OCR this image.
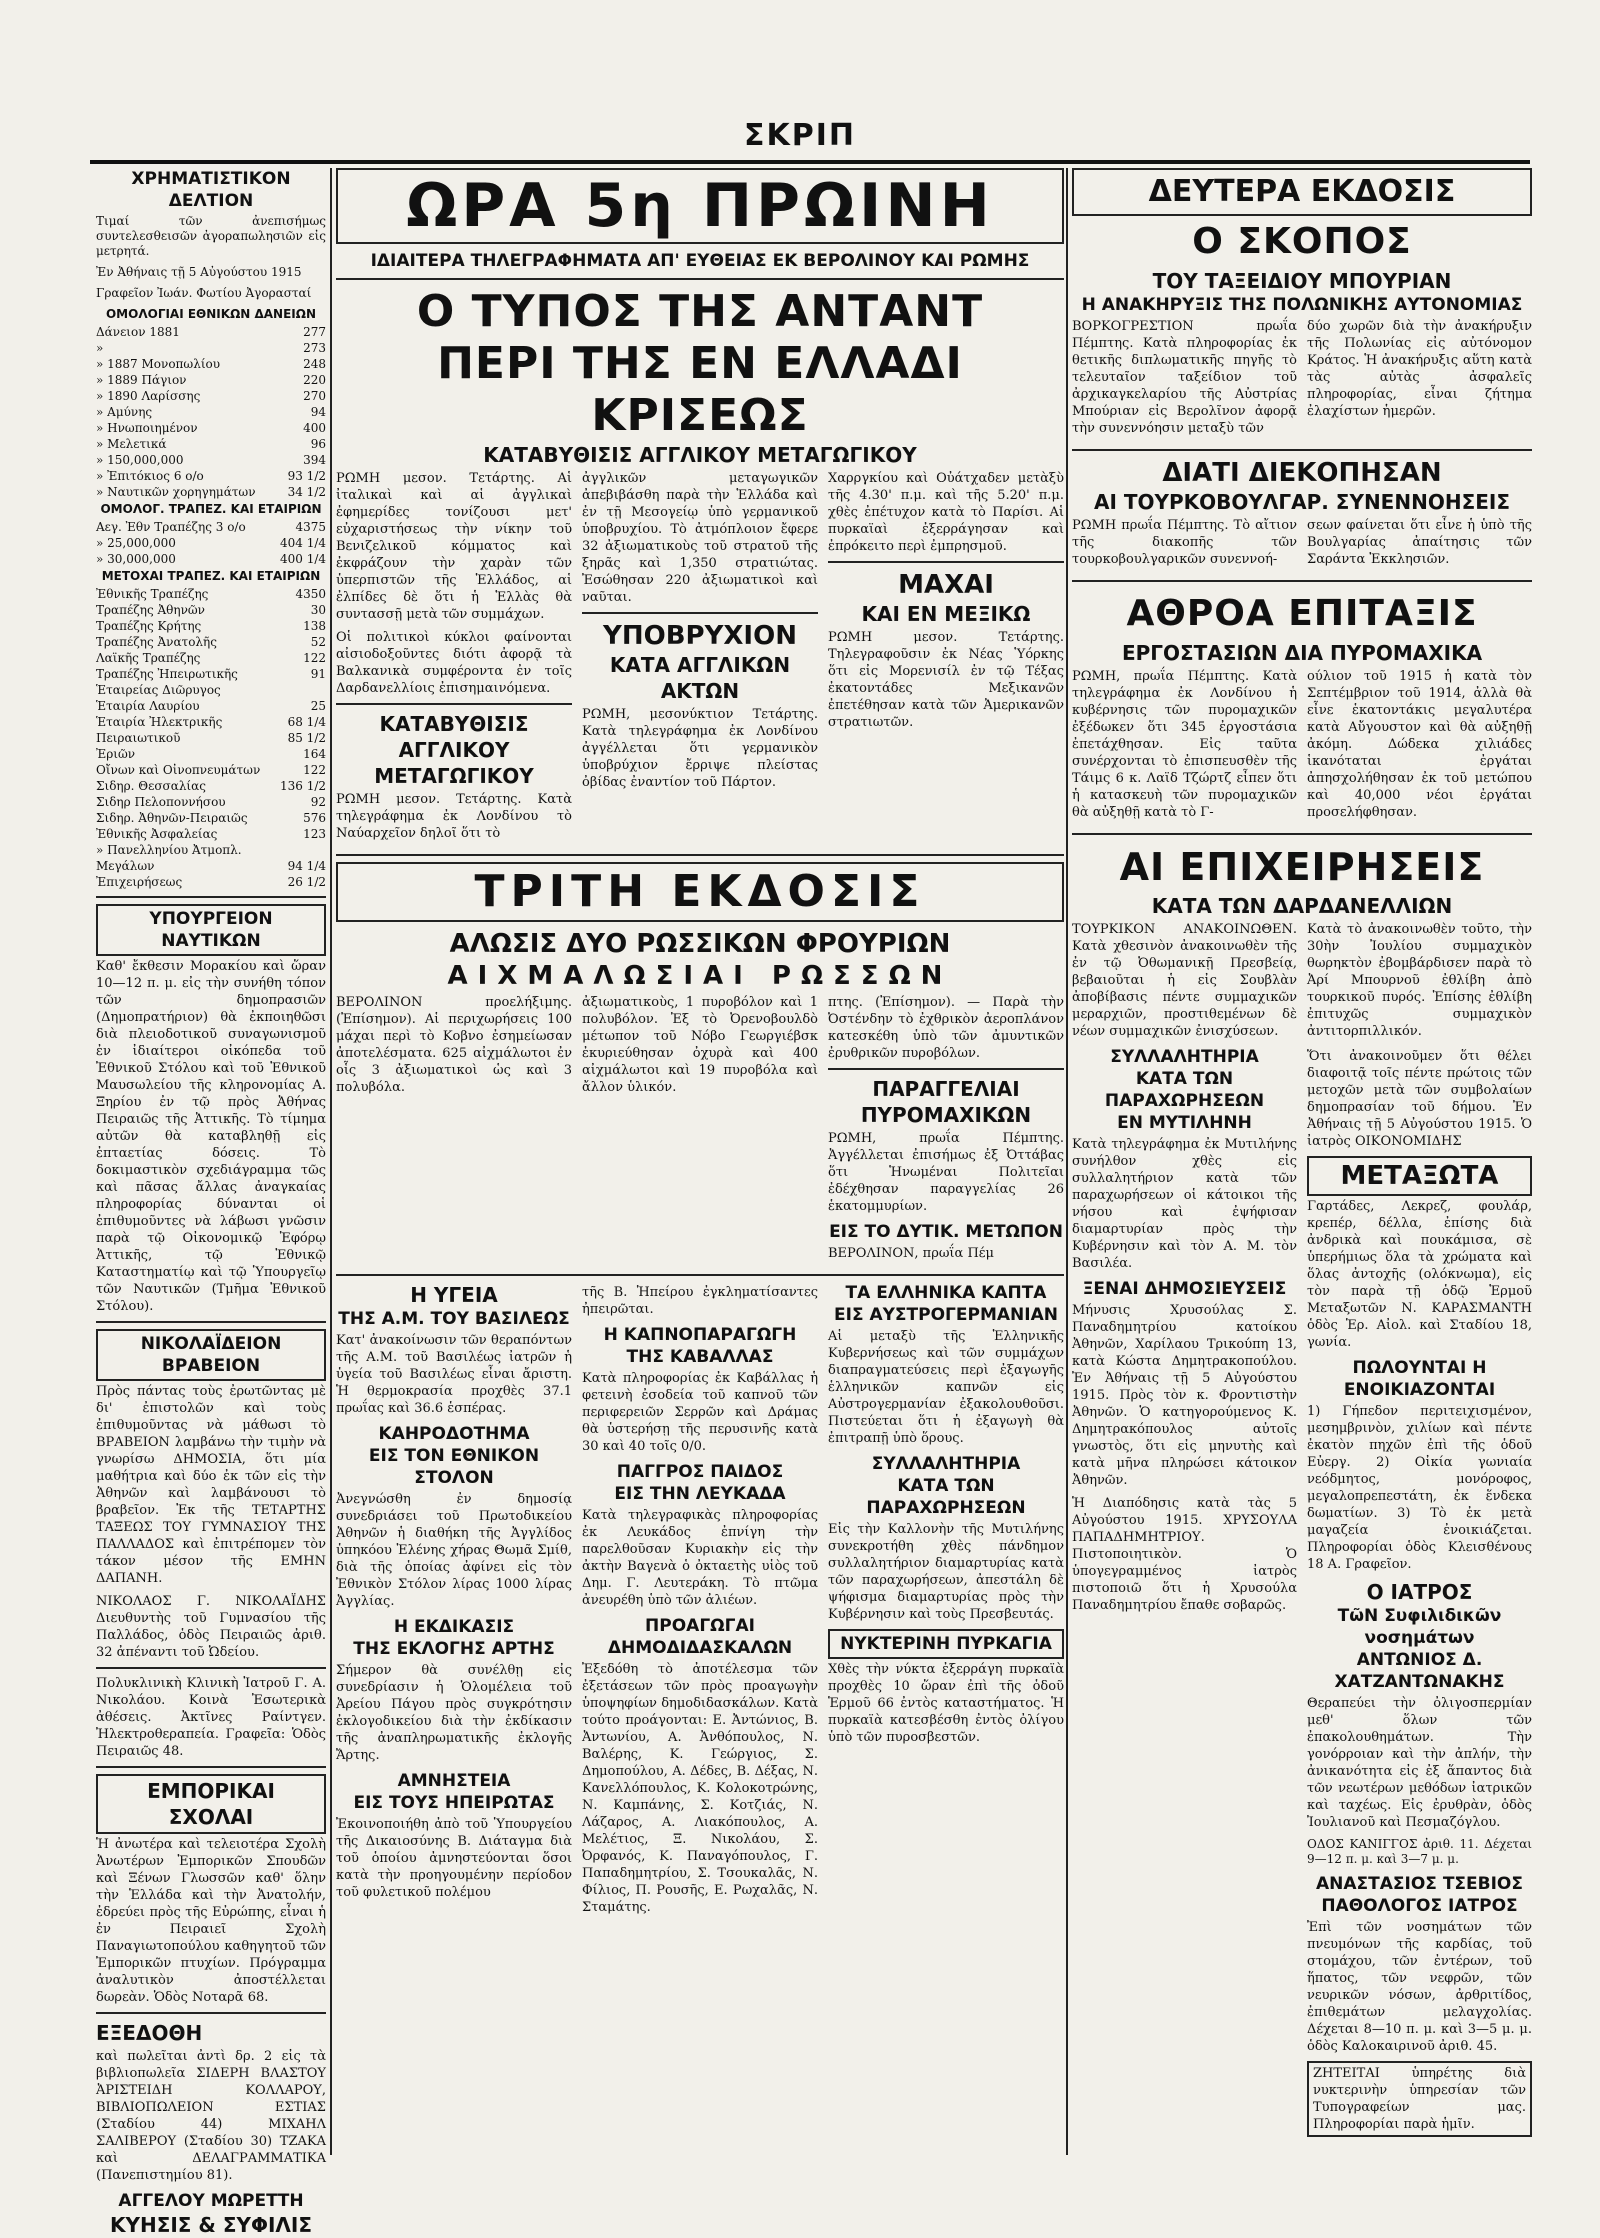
ΣΚΡΙΠ
ΧΡΗΜΑΤΙΣΤΙΚΟΝ ΔΕΛΤΙΟΝ

Τιμαί τῶν ἀνεπισήμως συντελεσθεισῶν ἀγοραπωλησιῶν εἰς μετρητά.

Ἐν Ἀθήναις τῇ 5 Αὐγούστου 1915

Γραφεῖον Ἰωάν. Φωτίου Ἀγορασταί

ΟΜΟΛΟΓΙΑΙ ΕΘΝΙΚΩΝ ΔΑΝΕΙΩΝ
Δάνειον 1881	277
»	273
» 1887 Μονοπωλίου	248
» 1889 Πάγιον	220
» 1890 Λαρίσσης	270
» Αμύνης	94
» Ηνωποιημένον	400
» Μελετικά	96
» 150,000,000	394
» Ἐπιτόκιος 6 ο/ο	93 1/2
» Ναυτικῶν χορηγημάτων	34 1/2
ΟΜΟΛΟΓ. ΤΡΑΠΕΖ. ΚΑΙ ΕΤΑΙΡΙΩΝ
Αεγ. Ἐθν Τραπέζης 3 ο/ο	4375
» 25,000,000	404 1/4
» 30,000,000	400 1/4
ΜΕΤΟΧΑΙ ΤΡΑΠΕΖ. ΚΑΙ ΕΤΑΙΡΙΩΝ
Ἐθνικῆς Τραπέζης	4350
Τραπέζης Ἀθηνῶν	30
Τραπέζης Κρήτης	138
Τραπέζης Ἀνατολῆς	52
Λαϊκῆς Τραπέζης	122
Τραπέζης Ἠπειρωτικῆς	91
Ἑταιρείας Διῶρυγος
Ἑταιρία Λαυρίου	25
Ἑταιρία Ἠλεκτρικῆς	68 1/4
Πειραιωτικοῦ	85 1/2
Ἐριῶν	164
Οἴνων καὶ Οἰνοπνευμάτων	122
Σιδηρ. Θεσσαλίας	136 1/2
Σιδηρ Πελοποννήσου	92
Σιδηρ. Ἀθηνῶν-Πειραιῶς	576
Ἐθνικῆς Ἀσφαλείας	123
» Πανελληνίου Ἀτμοπλ.
Μεγάλων	94 1/4
Ἐπιχειρήσεως	26 1/2
ΥΠΟΥΡΓΕΙΟΝ ΝΑΥΤΙΚΩΝ

Καθ' ἔκθεσιν Μορακίου καὶ ὥραν 10—12 π. μ. εἰς τὴν συνήθη τόπον τῶν δημοπρασιῶν (Δημοπρατήριον) θὰ ἐκποιηθῶσι διὰ πλειοδοτικοῦ συναγωνισμοῦ ἐν ἰδιαίτεροι οἰκόπεδα τοῦ Ἐθνικοῦ Στόλου καὶ τοῦ Ἐθνικοῦ Μαυσωλείου τῆς κληρονομίας Α. Ξηρίου ἐν τῷ πρὸς Ἀθήνας Πειραιῶς τῆς Ἀττικῆς. Τὸ τίμημα αὐτῶν θὰ καταβληθῇ εἰς ἐπταετίας δόσεις. Τὸ δοκιμαστικὸν σχεδιάγραμμα τῶς καὶ πᾶσας ἄλλας ἀναγκαίας πληροφορίας δύνανται οἱ ἐπιθυμοῦντες νὰ λάβωσι γνῶσιν παρὰ τῷ Οἰκονομικῷ Ἐφόρῳ Ἀττικῆς, τῷ Ἐθνικῷ Καταστηματίῳ καὶ τῷ Ὑπουργεῖῳ τῶν Ναυτικῶν (Τμῆμα Ἐθνικοῦ Στόλου).

ΝΙΚΟΛΑΪΔΕΙΟΝ ΒΡΑΒΕΙΟΝ

Πρὸς πάντας τοὺς ἐρωτῶντας μὲ δι' ἐπιστολῶν καὶ τοὺς ἐπιθυμοῦντας νὰ μάθωσι τὸ ΒΡΑΒΕΙΟΝ λαμβάνω τὴν τιμὴν νὰ γνωρίσω ΔΗΜΟΣΙΑ, ὅτι μία μαθήτρια καὶ δύο ἐκ τῶν εἰς τὴν Ἀθηνῶν καὶ λαμβάνουσι τὸ βραβεῖον. Ἐκ τῆς ΤΕΤΑΡΤΗΣ ΤΑΞΕΩΣ ΤΟΥ ΓΥΜΝΑΣΙΟΥ ΤΗΣ ΠΑΛΛΑΔΟΣ καὶ ἐπιτρέπομεν τὸν τάκον μέσον τῆς ΕΜΗΝ ΔΑΠΑΝΗ.

ΝΙΚΟΛΑΟΣ Γ. ΝΙΚΟΛΑΪΔΗΣ Διευθυντὴς τοῦ Γυμνασίου τῆς Παλλάδος, ὁδὸς Πειραιῶς ἀριθ. 32 ἀπέναντι τοῦ Ὠδείου.

Πολυκλινικὴ Κλινικὴ Ἰατροῦ Γ. Α. Νικολάου. Κοινὰ Ἐσωτερικὰ ἀθέσεις. Ἀκτῖνες Ραίντγεν. Ἠλεκτροθεραπεία. Γραφεῖα: Ὁδὸς Πειραιῶς 48.

ΕΜΠΟΡΙΚΑΙ ΣΧΟΛΑΙ

Ἡ ἀνωτέρα καὶ τελειοτέρα Σχολὴ Ἀνωτέρων Ἐμπορικῶν Σπουδῶν καὶ Ξένων Γλωσσῶν καθ' ὅλην τὴν Ἑλλάδα καὶ τὴν Ἀνατολήν, ἐδρεύει πρὸς τῆς Εὐρώπης, εἶναι ἡ ἐν Πειραιεῖ Σχολὴ Παναγιωτοπούλου καθηγητοῦ τῶν Ἐμπορικῶν πτυχίων. Πρόγραμμα ἀναλυτικὸν ἀποστέλλεται δωρεὰν. Ὁδὸς Νοταρᾶ 68.

ΕΞΕΔΟΘΗ

καὶ πωλεῖται ἀντὶ δρ. 2 εἰς τὰ βιβλιοπωλεῖα ΣΙΔΕΡΗ ΒΛΑΣΤΟΥ ἈΡΙΣΤΕΙΔΗ ΚΟΛΛΑΡΟΥ, ΒΙΒΛΙΟΠΩΛΕΙΟΝ ΕΣΤΙΑΣ (Σταδίου 44) ΜΙΧΑΗΛ ΣΑΛΙΒΕΡΟΥ (Σταδίου 30) ΤΖΑΚΑ καὶ ΔΕΛΑΓΡΑΜΜΑΤΙΚΑ (Πανεπιστημίου 81).

ΑΓΓΕΛΟΥ ΜΩΡΕΤΤΗ
ΚΥΗΣΙΣ & ΣΥΦΙΛΙΣ
ΩΡΑ 5η ΠΡΩΙΝΗ
ΙΔΙΑΙΤΕΡΑ ΤΗΛΕΓΡΑΦΗΜΑΤΑ ΑΠ' ΕΥΘΕΙΑΣ ΕΚ ΒΕΡΟΛΙΝΟΥ ΚΑΙ ΡΩΜΗΣ
Ο ΤΥΠΟΣ ΤΗΣ ΑΝΤΑΝΤ
ΠΕΡΙ ΤΗΣ ΕΝ ΕΛΛΑΔΙ ΚΡΙΣΕΩΣ
ΚΑΤΑΒΥΘΙΣΙΣ ΑΓΓΛΙΚΟΥ ΜΕΤΑΓΩΓΙΚΟΥ

ΡΩΜΗ μεσον. Τετάρτης. Αἱ ἰταλικαὶ καὶ αἱ ἀγγλικαὶ ἐφημερίδες τονίζουσι μετ' εὐχαριστήσεως τὴν νίκην τοῦ Βενιζελικοῦ κόμματος καὶ ἐκφράζουν τὴν χαρὰν τῶν ὑπερπιστῶν τῆς Ἑλλάδος, αἱ ἐλπίδες δὲ ὅτι ἡ Ἑλλὰς θὰ συντασσῇ μετὰ τῶν συμμάχων.

Οἱ πολιτικοὶ κύκλοι φαίνονται αἰσιοδοξοῦντες διότι ἀφορᾷ τὰ Βαλκανικὰ συμφέροντα ἐν τοῖς Δαρδανελλίοις ἐπισημαινόμενα.

ΚΑΤΑΒΥΘΙΣΙΣ ΑΓΓΛΙΚΟΥ ΜΕΤΑΓΩΓΙΚΟΥ

ΡΩΜΗ μεσον. Τετάρτης. Κατὰ τηλεγράφημα ἐκ Λονδίνου τὸ Ναύαρχεῖον δηλοῖ ὅτι τὸ

ἀγγλικῶν μεταγωγικῶν ἀπεβιβάσθη παρὰ τὴν Ἑλλάδα καὶ ἐν τῇ Μεσογείῳ ὑπὸ γερμανικοῦ ὑποβρυχίου. Τὸ ἀτμόπλοιον ἔφερε 32 ἀξιωματικοὺς τοῦ στρατοῦ τῆς ξηρᾶς καὶ 1,350 στρατιώτας. Ἐσώθησαν 220 ἀξιωματικοὶ καὶ ναῦται.

ΥΠΟΒΡΥΧΙΟΝ
ΚΑΤΑ ΑΓΓΛΙΚΩΝ ΑΚΤΩΝ

ΡΩΜΗ, μεσονύκτιον Τετάρτης. Κατὰ τηλεγράφημα ἐκ Λονδίνου ἀγγέλλεται ὅτι γερμανικὸν ὑποβρύχιον ἔρριψε πλείστας ὀβίδας ἐναντίον τοῦ Πάρτον.

Χαρργκίου καὶ Οὐάτχαδεν μετὰξὺ τῆς 4.30' π.μ. καὶ τῆς 5.20' π.μ. χθὲς ἐπέτυχον κατὰ τὸ Παρίσι. Αἱ πυρκαϊαὶ ἐξερράγησαν καὶ ἐπρόκειτο περὶ ἐμπρησμοῦ.

ΜΑΧΑΙ
ΚΑΙ ΕΝ ΜΕΞΙΚΩ

ΡΩΜΗ μεσον. Τετάρτης. Τηλεγραφοῦσιν ἐκ Νέας Ὑόρκης ὅτι εἰς Μορενισίλ ἐν τῷ Τέξας ἐκατοντάδες Μεξικανῶν ἐπετέθησαν κατὰ τῶν Ἀμερικανῶν στρατιωτῶν.

ΤΡΙΤΗ ΕΚΔΟΣΙΣ
ΑΛΩΣΙΣ ΔΥΟ ΡΩΣΣΙΚΩΝ ΦΡΟΥΡΙΩΝ
ΑΙΧΜΑΛΩΣΙΑΙ ΡΩΣΣΩΝ

ΒΕΡΟΛΙΝΟΝ προελήξιμης. (Ἐπίσημον). Αἱ περιχωρήσεις 100 μάχαι περὶ τὸ Κοβνο ἐσημείωσαν ἀποτελέσματα. 625 αἰχμάλωτοι ἐν οἷς 3 ἀξιωματικοὶ ὡς καὶ 3 πολυβόλα.

ἀξιωματικοὺς, 1 πυροβόλον καὶ 1 πολυβόλον. Ἐξ τὸ Ὀρενοβουλδὸ μέτωπον τοῦ Νόβο Γεωργιέβσκ ἐκυριεύθησαν ὀχυρὰ καὶ 400 αἰχμάλωτοι καὶ 19 πυροβόλα καὶ ἄλλον ὑλικόν.

πτης. (Ἐπίσημον). — Παρὰ τὴν Ὀστένδην τὸ ἐχθρικὸν ἀεροπλάνον κατεσκέθη ὑπὸ τῶν ἀμυντικῶν ἐρυθρικῶν πυροβόλων.

ΠΑΡΑΓΓΕΛΙΑΙ
ΠΥΡΟΜΑΧΙΚΩΝ

ΡΩΜΗ, πρωΐα Πέμπτης. Ἀγγέλλεται ἐπισήμως ἐξ Ὀττάβας ὅτι Ἡνωμέναι Πολιτεῖαι ἐδέχθησαν παραγγελίας 26 ἑκατομμυρίων.

ΕΙΣ ΤΟ ΔΥΤΙΚ. ΜΕΤΩΠΟΝ

ΒΕΡΟΛΙΝΟΝ, πρωΐα Πέμ

Η ΥΓΕΙΑ
ΤΗΣ Α.Μ. ΤΟΥ ΒΑΣΙΛΕΩΣ

Κατ' ἀνακοίνωσιν τῶν θεραπόντων τῆς Α.Μ. τοῦ Βασιλέως ἰατρῶν ἡ ὑγεία τοῦ Βασιλέως εἶναι ἄριστη. Ἡ θερμοκρασία προχθὲς 37.1 πρωΐας καὶ 36.6 ἑσπέρας.

ΚΑΗΡΟΔΟΤΗΜΑ
ΕΙΣ ΤΟΝ ΕΘΝΙΚΟΝ ΣΤΟΛΟΝ

Ἀνεγνώσθη ἐν δημοσίᾳ συνεδριάσει τοῦ Πρωτοδικείου Ἀθηνῶν ἡ διαθήκη τῆς Ἀγγλίδος ὑπηκόου Ἐλένης χήρας Θωμᾶ Σμίθ, διὰ τῆς ὁποίας ἀφίνει εἰς τὸν Ἐθνικὸν Στόλον λίρας 1000 λίρας Ἀγγλίας.

Η ΕΚΔΙΚΑΣΙΣ
ΤΗΣ ΕΚΛΟΓΗΣ ΑΡΤΗΣ

Σήμερον θὰ συνέλθῃ εἰς συνεδρίασιν ἡ Ὁλομέλεια τοῦ Ἀρείου Πάγου πρὸς συγκρότησιν ἐκλογοδικείου διὰ τὴν ἐκδίκασιν τῆς ἀναπληρωματικῆς ἐκλογῆς Ἄρτης.

ΑΜΝΗΣΤΕΙΑ
ΕΙΣ ΤΟΥΣ ΗΠΕΙΡΩΤΑΣ

Ἐκοινοποιήθη ἀπὸ τοῦ Ὑπουργείου τῆς Δικαιοσύνης Β. Διάταγμα διὰ τοῦ ὁποίου ἀμνηστεύονται ὅσοι κατὰ τὴν προηγουμένην περίοδον τοῦ φυλετικοῦ πολέμου

τῆς Β. Ἠπείρου ἐγκληματίσαντες ἠπειρῶται.

Η ΚΑΠΝΟΠΑΡΑΓΩΓΗ
ΤΗΣ ΚΑΒΑΛΛΑΣ

Κατὰ πληροφορίας ἐκ Καβάλλας ἡ φετεινὴ ἐσοδεία τοῦ καπνοῦ τῶν περιφερειῶν Σερρῶν καὶ Δράμας θὰ ὑστερήσῃ τῆς περυσινῆς κατὰ 30 καὶ 40 τοῖς 0/0.

ΠΑΓΓΡΟΣ ΠΑΙΔΟΣ
ΕΙΣ ΤΗΝ ΛΕΥΚΑΔΑ

Κατὰ τηλεγραφικὰς πληροφορίας ἐκ Λευκάδος ἐπνίγη τὴν παρελθοῦσαν Κυριακὴν εἰς τὴν ἀκτὴν Βαγενὰ ὁ ὀκταετὴς υἱὸς τοῦ Δημ. Γ. Λευτεράκη. Τὸ πτῶμα ἀνευρέθη ὑπὸ τῶν ἀλιέων.

ΠΡΟΑΓΩΓΑΙ
ΔΗΜΟΔΙΔΑΣΚΑΛΩΝ

Ἐξεδόθη τὸ ἀποτέλεσμα τῶν ἐξετάσεων τῶν πρὸς προαγωγὴν ὑποψηφίων δημοδιδασκάλων. Κατὰ τούτο προάγονται: Ε. Ἀντώνιος, Β. Ἀντωνίου, Α. Ἀνθόπουλος, Ν. Βαλέρης, Κ. Γεώργιος, Σ. Δημοπούλου, Α. Δέδες, Β. Δέξας, Ν. Κανελλόπουλος, Κ. Κολοκοτρώνης, Ν. Καμπάνης, Σ. Κοτζιάς, Ν. Λάζαρος, Α. Λιακόπουλος, Α. Μελέτιος, Ξ. Νικολάου, Σ. Ὀρφανός, Κ. Παναγόπουλος, Γ. Παπαδημητρίου, Σ. Τσουκαλᾶς, Ν. Φίλιος, Π. Ρουσῆς, Ε. Ρωχαλᾶς, Ν. Σταμάτης.

ΤΑ ΕΛΛΗΝΙΚΑ ΚΑΠΤΑ
ΕΙΣ ΑΥΣΤΡΟΓΕΡΜΑΝΙΑΝ

Αἱ μεταξὺ τῆς Ἑλληνικῆς Κυβερνήσεως καὶ τῶν συμμάχων διαπραγματεύσεις περὶ ἐξαγωγῆς ἑλληνικῶν καπνῶν εἰς Αὐστρογερμανίαν ἐξακολουθοῦσι. Πιστεύεται ὅτι ἡ ἐξαγωγὴ θὰ ἐπιτραπῇ ὑπὸ ὅρους.

ΣΥΛΛΑΛΗΤΗΡΙΑ
ΚΑΤΑ ΤΩΝ ΠΑΡΑΧΩΡΗΣΕΩΝ

Εἰς τὴν Καλλονὴν τῆς Μυτιλήνης συνεκροτήθη χθὲς πάνδημον συλλαλητήριον διαμαρτυρίας κατὰ τῶν παραχωρήσεων, ἀπεστάλη δὲ ψήφισμα διαμαρτυρίας πρὸς τὴν Κυβέρνησιν καὶ τοὺς Πρεσβευτάς.

ΝΥΚΤΕΡΙΝΗ ΠΥΡΚΑΓΙΑ

Χθὲς τὴν νύκτα ἐξερράγη πυρκαϊὰ προχθὲς 10 ὥραν ἐπὶ τῆς ὁδοῦ Ἑρμοῦ 66 ἐντὸς καταστήματος. Ἡ πυρκαϊὰ κατεσβέσθη ἐντὸς ὀλίγου ὑπὸ τῶν πυροσβεστῶν.

ΔΕΥΤΕΡΑ ΕΚΔΟΣΙΣ
Ο ΣΚΟΠΟΣ
ΤΟΥ ΤΑΞΕΙΔΙΟΥ ΜΠΟΥΡΙΑΝ
Η ΑΝΑΚΗΡΥΞΙΣ ΤΗΣ ΠΟΛΩΝΙΚΗΣ ΑΥΤΟΝΟΜΙΑΣ

ΒΟΡΚΟΓΡΕΣΤΙΟΝ πρωΐα Πέμπτης. Κατὰ πληροφορίας ἐκ θετικῆς διπλωματικῆς πηγῆς τὸ τελευταῖον ταξείδιον τοῦ ἀρχικαγκελαρίου τῆς Αὐστρίας Μπούριαν εἰς Βερολῖνον ἀφορᾷ τὴν συνεννόησιν μεταξὺ τῶν

δύο χωρῶν διὰ τὴν ἀνακήρυξιν τῆς Πολωνίας εἰς αὐτόνομον Κράτος. Ἡ ἀνακήρυξις αὕτη κατὰ τὰς αὐτὰς ἀσφαλεῖς πληροφορίας, εἶναι ζήτημα ἐλαχίστων ἡμερῶν.

ΔΙΑΤΙ ΔΙΕΚΟΠΗΣΑΝ
ΑΙ ΤΟΥΡΚΟΒΟΥΛΓΑΡ. ΣΥΝΕΝΝΟΗΣΕΙΣ

ΡΩΜΗ πρωΐα Πέμπτης. Τὸ αἴτιον τῆς διακοπῆς τῶν τουρκοβουλγαρικῶν συνεννοή-

σεων φαίνεται ὅτι εἶνε ἡ ὑπὸ τῆς Βουλγαρίας ἀπαίτησις τῶν Σαράντα Ἐκκλησιῶν.

ΑΘΡΟΑ ΕΠΙΤΑΞΙΣ
ΕΡΓΟΣΤΑΣΙΩΝ ΔΙΑ ΠΥΡΟΜΑΧΙΚΑ

ΡΩΜΗ, πρωΐα Πέμπτης. Κατὰ τηλεγράφημα ἐκ Λονδίνου ἡ κυβέρνησις τῶν πυρομαχικῶν ἐξέδωκεν ὅτι 345 ἐργοστάσια ἐπετάχθησαν. Εἰς ταῦτα συνέρχονται τὸ ἐπισπευσθὲν τῆς Τάιμς 6 κ. Λαϊδ Τζώρτζ εἶπεν ὅτι ἡ κατασκευὴ τῶν πυρομαχικῶν θὰ αὐξηθῇ κατὰ τὸ Γ-

ούλιον τοῦ 1915 ἡ κατὰ τὸν Σεπτέμβριον τοῦ 1914, ἀλλὰ θὰ εἶνε ἑκατοντάκις μεγαλυτέρα κατὰ Αὔγουστον καὶ θὰ αὐξηθῇ ἀκόμη. Δώδεκα χιλιάδες ἱκανόταται ἐργάται ἀπησχολήθησαν ἐκ τοῦ μετώπου καὶ 40,000 νέοι ἐργάται προσελήφθησαν.

ΑΙ ΕΠΙΧΕΙΡΗΣΕΙΣ
ΚΑΤΑ ΤΩΝ ΔΑΡΔΑΝΕΛΛΙΩΝ

ΤΟΥΡΚΙΚΟΝ ΑΝΑΚΟΙΝΩΘΕΝ. Κατὰ χθεσινὸν ἀνακοινωθὲν τῆς ἐν τῷ Ὀθωμανικῇ Πρεσβείᾳ, βεβαιοῦται ἡ εἰς Σουβλὰν ἀποβίβασις πέντε συμμαχικῶν μεραρχιῶν, προστιθεμένων δὲ νέων συμμαχικῶν ἐνισχύσεων.

Κατὰ τὸ ἀνακοινωθὲν τοῦτο, τὴν 30ὴν Ἰουλίου συμμαχικὸν θωρηκτὸν ἐβομβάρδισεν παρὰ τὸ Ἀρί Μπουρνοῦ ἐθλίβη ἀπὸ τουρκικοῦ πυρός. Ἐπίσης ἐθλίβη ἐπιτυχῶς συμμαχικὸν ἀντιτορπιλλικόν.

ΣΥΛΛΑΛΗΤΗΡΙΑ
ΚΑΤΑ ΤΩΝ ΠΑΡΑΧΩΡΗΣΕΩΝ
ΕΝ ΜΥΤΙΛΗΝΗ

Κατὰ τηλεγράφημα ἐκ Μυτιλήνης συνήλθον χθὲς εἰς συλλαλητήριον κατὰ τῶν παραχωρήσεων οἱ κάτοικοι τῆς νήσου καὶ ἐψήφισαν διαμαρτυρίαν πρὸς τὴν Κυβέρνησιν καὶ τὸν Α. Μ. τὸν Βασιλέα.

ΞΕΝΑΙ ΔΗΜΟΣΙΕΥΣΕΙΣ

Μήνυσις Χρυσούλας Σ. Παναδημητρίου κατοίκου Ἀθηνῶν, Χαρίλαου Τρικούπη 13, κατὰ Κώστα Δημητρακοπούλου. Ἐν Ἀθήναις τῇ 5 Αὐγούστου 1915. Πρὸς τὸν κ. Φροντιστὴν Ἀθηνῶν. Ὁ κατηγορούμενος Κ. Δημητρακόπουλος αὐτοῖς γνωστὸς, ὅτι εἰς μηνυτὴς καὶ κατὰ μῆνα πληρώσει κάτοικον Ἀθηνῶν.

Ἡ Διαπόδησις κατὰ τὰς 5 Αὐγούστου 1915. ΧΡΥΣΟΥΛΑ ΠΑΠΑΔΗΜΗΤΡΙΟΥ. Πιστοποιητικὸν. Ὁ ὑπογεγραμμένος ἰατρὸς πιστοποιῶ ὅτι ἡ Χρυσούλα Παναδημητρίου ἔπαθε σοβαρῶς.

Ὅτι ἀνακοινοῦμεν ὅτι θέλει διαφοιτᾷ τοῖς πέντε πρώτοις τῶν μετοχῶν μετὰ τῶν συμβολαίων δημοπρασίαν τοῦ δήμου. Ἐν Ἀθήναις τῇ 5 Αὐγούστου 1915. Ὁ ἰατρὸς ΟΙΚΟΝΟΜΙΔΗΣ

ΜΕΤΑΞΩΤΑ

Γαρτάδες, Λεκρεζ, φουλάρ, κρεπέρ, δέλλα, ἐπίσης διὰ ἀνδρικὰ καὶ πουκάμισα, σὲ ὑπερήμιως ὅλα τὰ χρώματα καὶ ὅλας ἀντοχῆς (ολόκνωμα), εἰς τὸν παρὰ τῇ ὁδῷ Ἑρμοῦ Μεταξωτῶν Ν. ΚΑΡΑΣΜΑΝΤΗ ὁδὸς Ἑρ. Αἰολ. καὶ Σταδίου 18, γωνία.

ΠΩΛΟΥΝΤΑΙ Η ΕΝΟΙΚΙΑΖΟΝΤΑΙ

1) Γήπεδον περιτειχισμένον, μεσημβρινὸν, χιλίων καὶ πέντε ἐκατὸν πηχῶν ἐπὶ τῆς ὁδοῦ Εὐεργ. 2) Οἰκία γωνιαία νεόδμητος, μονόροφος, μεγαλοπρεπεστάτη, ἐκ ἕνδεκα δωματίων. 3) Τὸ ἐκ μετὰ μαγαζεία ἐνοικιάζεται. Πληροφορίαι ὁδὸς Κλεισθένους 18 Α. Γραφεῖον.

Ο ΙΑΤΡΟΣ
ΤῶΝ Συφιλιδικῶν νοσημάτων
ΑΝΤΩΝΙΟΣ Δ. ΧΑΤΖΑΝΤΩΝΑΚΗΣ

Θεραπεύει τὴν ὀλιγοσπερμίαν μεθ' ὅλων τῶν ἐπακολουθημάτων. Τὴν γονόρροιαν καὶ τὴν ἀπλήν, τὴν ἀνικανότητα εἰς ἐξ ἅπαντος διὰ τῶν νεωτέρων μεθόδων ἰατρικῶν καὶ ταχέως. Εἰς ἐρυθρὰν, ὁδὸς Ἰουλιανοῦ καὶ Πεσμαζόγλου.

ΟΔΟΣ ΚΑΝΙΓΓΟΣ ἀριθ. 11. Δέχεται 9—12 π. μ. καὶ 3—7 μ. μ.

ΑΝΑΣΤΑΣΙΟΣ ΤΣΕΒΙΟΣ
ΠΑΘΟΛΟΓΟΣ ΙΑΤΡΟΣ

Ἐπὶ τῶν νοσημάτων τῶν πνευμόνων τῆς καρδίας, τοῦ στομάχου, τῶν ἐντέρων, τοῦ ἥπατος, τῶν νεφρῶν, τῶν νευρικῶν νόσων, ἀρθριτίδος, ἐπιθεμάτων μελαγχολίας. Δέχεται 8—10 π. μ. καὶ 3—5 μ. μ. ὁδὸς Καλοκαιρινοῦ ἀριθ. 45.

ΖΗΤΕΙΤΑΙ ὑπηρέτης διὰ νυκτερινὴν ὑπηρεσίαν τῶν Τυπογραφείων μας. Πληροφορίαι παρὰ ἡμῖν.
